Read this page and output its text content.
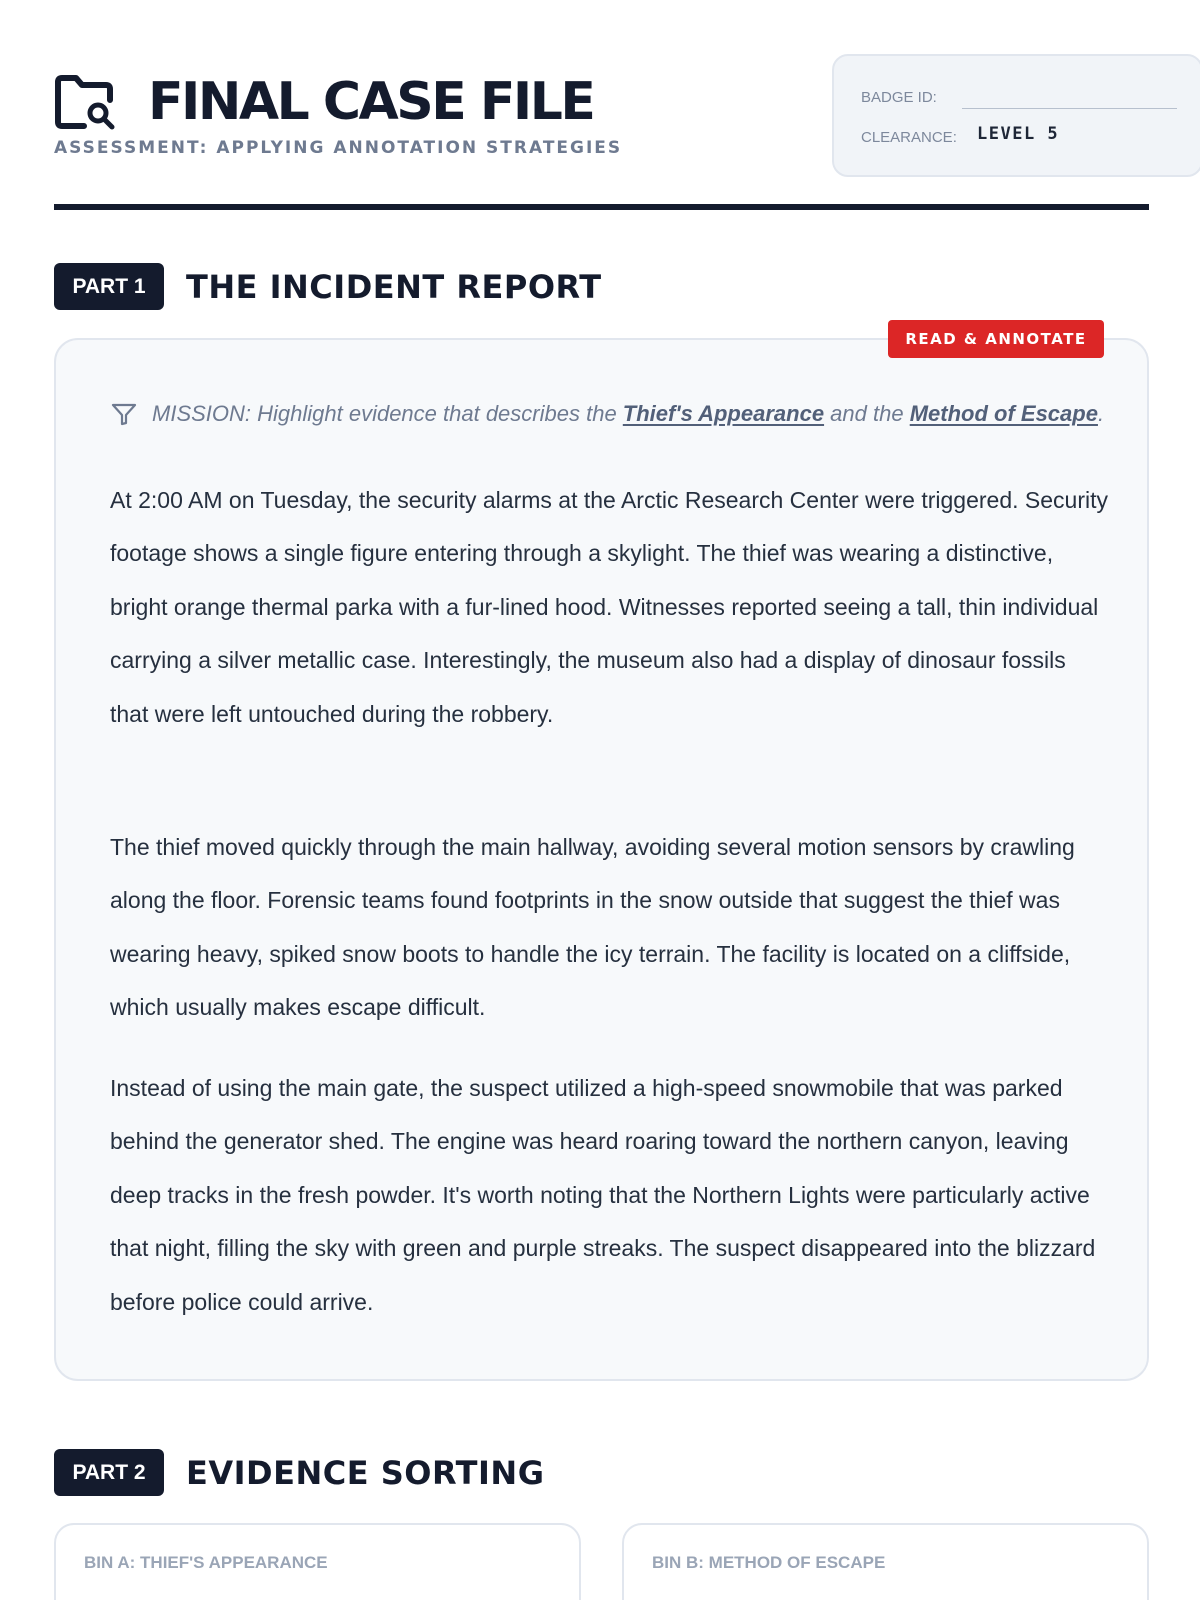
FINAL CASE FILE
ASSESSMENT: APPLYING ANNOTATION STRATEGIES
BADGE ID:
CLEARANCE: LEVEL 5
PART 1	THE INCIDENT REPORT
READ & ANNOTATE
MISSION: Highlight evidence that describes the Thief's Appearance and the Method of Escape.

At 2:00 AM on Tuesday, the security alarms at the Arctic Research Center were triggered. Security footage shows a single figure entering through a skylight. The thief was wearing a distinctive, bright orange thermal parka with a fur-lined hood. Witnesses reported seeing a tall, thin individual carrying a silver metallic case. Interestingly, the museum also had a display of dinosaur fossils that were left untouched during the robbery.

The thief moved quickly through the main hallway, avoiding several motion sensors by crawling along the floor. Forensic teams found footprints in the snow outside that suggest the thief was wearing heavy, spiked snow boots to handle the icy terrain. The facility is located on a cliffside, which usually makes escape difficult.

Instead of using the main gate, the suspect utilized a high-speed snowmobile that was parked behind the generator shed. The engine was heard roaring toward the northern canyon, leaving deep tracks in the fresh powder. It's worth noting that the Northern Lights were particularly active that night, filling the sky with green and purple streaks. The suspect disappeared into the blizzard before police could arrive.

PART 2	EVIDENCE SORTING
BIN A: THIEF'S APPEARANCE	BIN B: METHOD OF ESCAPE
